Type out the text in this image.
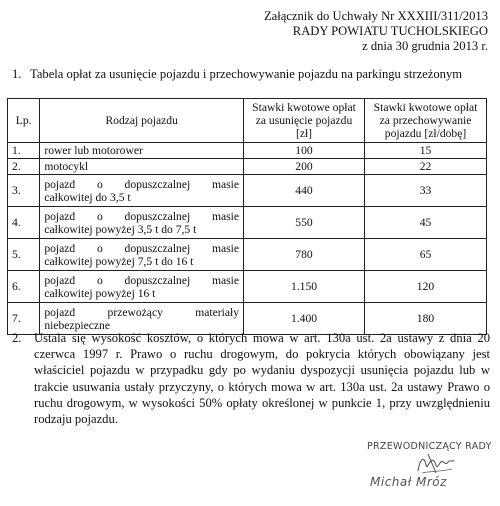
Załącznik do Uchwały Nr XXXIII/311/2013
RADY POWIATU TUCHOLSKIEGO
z dnia 30 grudnia 2013 r.
1. Tabela opłat za usunięcie pojazdu i przechowywanie pojazdu na parkingu strzeżonym
Lp.	Rodzaj pojazdu	Stawki kwotowe opłat za usunięcie pojazdu [zł]	Stawki kwotowe opłat za przechowywanie pojazdu [zł/dobę]
1.	rower lub motorower	100	15
2.	motocykl	200	22
3.	pojazd o dopuszczalnej masie
całkowitej do 3,5 t	440	33
4.	pojazd o dopuszczalnej masie
całkowitej powyżej 3,5 t do 7,5 t	550	45
5.	pojazd o dopuszczalnej masie
całkowitej powyżej 7,5 t do 16 t	780	65
6.	pojazd o dopuszczalnej masie
całkowitej powyżej 16 t	1.150	120
7.	pojazd przewożący materiały
niebezpieczne	1.400	180
2. Ustala się wysokość kosztów, o których mowa w art. 130a ust. 2a ustawy z dnia 20 czerwca 1997 r. Prawo o ruchu drogowym, do pokrycia których obowiązany jest właściciel pojazdu w przypadku gdy po wydaniu dyspozycji usunięcia pojazdu lub w trakcie usuwania ustały przyczyny, o których mowa w art. 130a ust. 2a ustawy Prawo o ruchu drogowym, w wysokości 50% opłaty określonej w punkcie 1, przy uwzględnieniu rodzaju pojazdu.
PRZEWODNICZĄCY RADY
Michał Mróz
